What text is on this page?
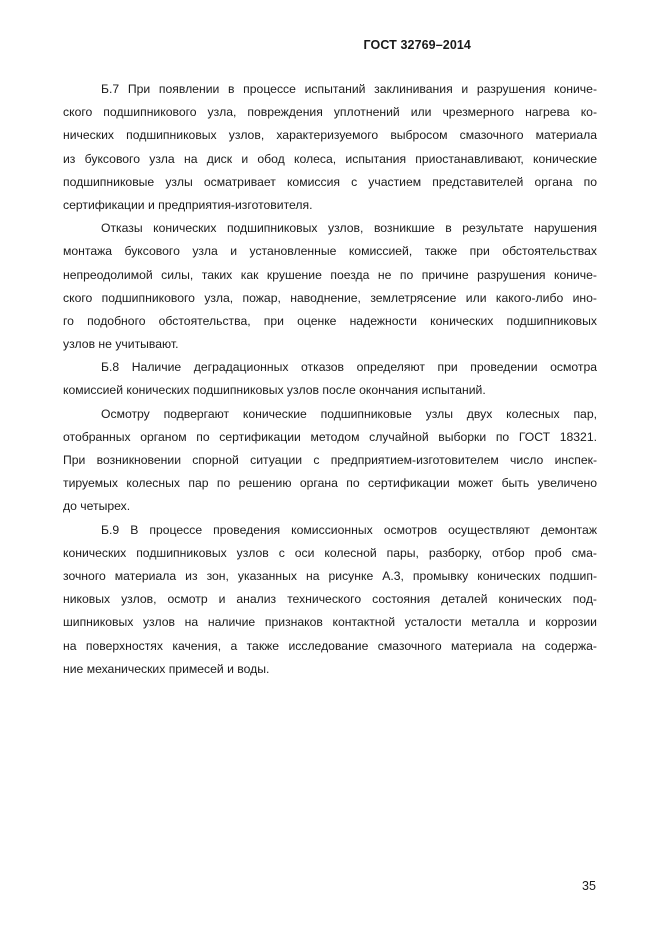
ГОСТ 32769–2014
Б.7 При появлении в процессе испытаний заклинивания и разрушения кониче-
ского подшипникового узла, повреждения уплотнений или чрезмерного нагрева ко-
нических подшипниковых узлов, характеризуемого выбросом смазочного материала
из буксового узла на диск и обод колеса, испытания приостанавливают, конические
подшипниковые узлы осматривает комиссия с участием представителей органа по
сертификации и предприятия-изготовителя.
Отказы конических подшипниковых узлов, возникшие в результате нарушения
монтажа буксового узла и установленные комиссией, также при обстоятельствах
непреодолимой силы, таких как крушение поезда не по причине разрушения кониче-
ского подшипникового узла, пожар, наводнение, землетрясение или какого-либо ино-
го подобного обстоятельства, при оценке надежности конических подшипниковых
узлов не учитывают.
Б.8 Наличие деградационных отказов определяют при проведении осмотра
комиссией конических подшипниковых узлов после окончания испытаний.
Осмотру подвергают конические подшипниковые узлы двух колесных пар,
отобранных органом по сертификации методом случайной выборки по ГОСТ 18321.
При возникновении спорной ситуации с предприятием-изготовителем число инспек-
тируемых колесных пар по решению органа по сертификации может быть увеличено
до четырех.
Б.9 В процессе проведения комиссионных осмотров осуществляют демонтаж
конических подшипниковых узлов с оси колесной пары, разборку, отбор проб сма-
зочного материала из зон, указанных на рисунке А.3, промывку конических подшип-
никовых узлов, осмотр и анализ технического состояния деталей конических под-
шипниковых узлов на наличие признаков контактной усталости металла и коррозии
на поверхностях качения, а также исследование смазочного материала на содержа-
ние механических примесей и воды.
35
